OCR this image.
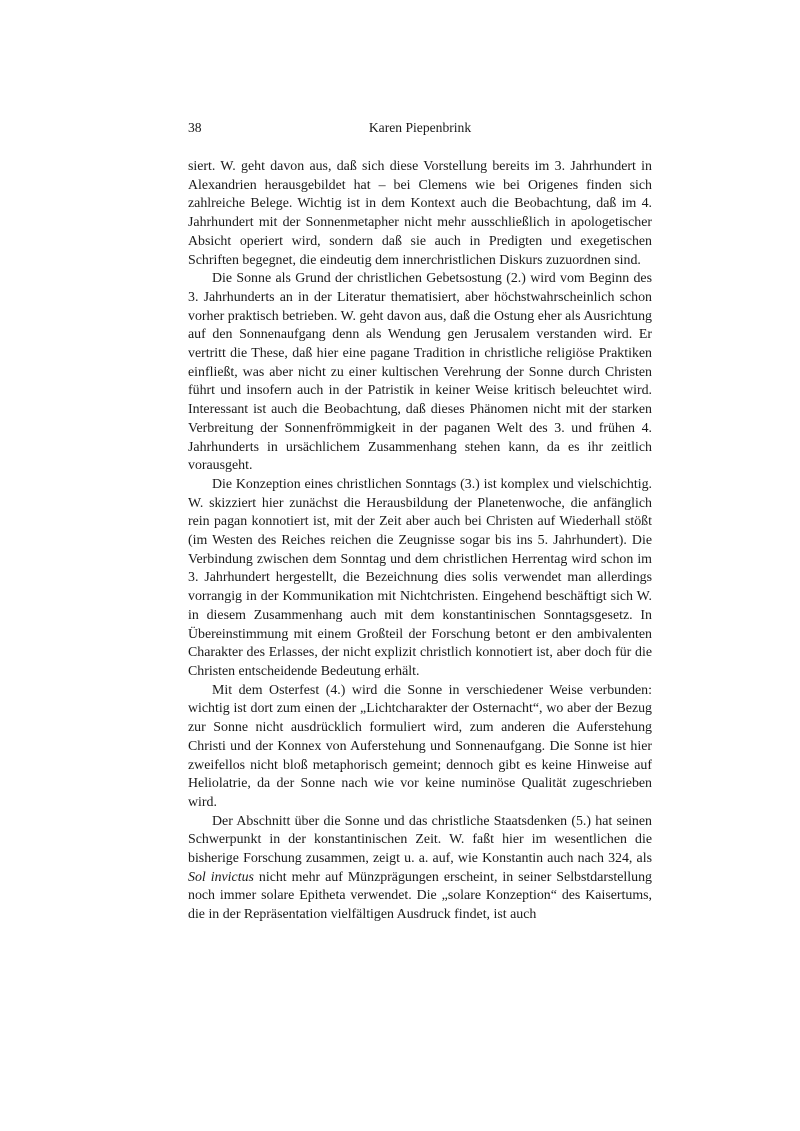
38	Karen Piepenbrink

siert. W. geht davon aus, daß sich diese Vorstellung bereits im 3. Jahrhundert in Alexandrien herausgebildet hat – bei Clemens wie bei Origenes finden sich zahlreiche Belege. Wichtig ist in dem Kontext auch die Beobachtung, daß im 4. Jahrhundert mit der Sonnenmetapher nicht mehr ausschließlich in apologetischer Absicht operiert wird, sondern daß sie auch in Predigten und exegetischen Schriften begegnet, die eindeutig dem innerchristlichen Diskurs zuzuordnen sind.

Die Sonne als Grund der christlichen Gebetsostung (2.) wird vom Beginn des 3. Jahrhunderts an in der Literatur thematisiert, aber höchstwahrscheinlich schon vorher praktisch betrieben. W. geht davon aus, daß die Ostung eher als Ausrichtung auf den Sonnenaufgang denn als Wendung gen Jerusalem verstanden wird. Er vertritt die These, daß hier eine pagane Tradition in christliche religiöse Praktiken einfließt, was aber nicht zu einer kultischen Verehrung der Sonne durch Christen führt und insofern auch in der Patristik in keiner Weise kritisch beleuchtet wird. Interessant ist auch die Beobachtung, daß dieses Phänomen nicht mit der starken Verbreitung der Sonnenfrömmigkeit in der paganen Welt des 3. und frühen 4. Jahrhunderts in ursächlichem Zusammenhang stehen kann, da es ihr zeitlich vorausgeht.

Die Konzeption eines christlichen Sonntags (3.) ist komplex und vielschichtig. W. skizziert hier zunächst die Herausbildung der Planetenwoche, die anfänglich rein pagan konnotiert ist, mit der Zeit aber auch bei Christen auf Wiederhall stößt (im Westen des Reiches reichen die Zeugnisse sogar bis ins 5. Jahrhundert). Die Verbindung zwischen dem Sonntag und dem christlichen Herrentag wird schon im 3. Jahrhundert hergestellt, die Bezeichnung dies solis verwendet man allerdings vorrangig in der Kommunikation mit Nichtchristen. Eingehend beschäftigt sich W. in diesem Zusammenhang auch mit dem konstantinischen Sonntagsgesetz. In Übereinstimmung mit einem Großteil der Forschung betont er den ambivalenten Charakter des Erlasses, der nicht explizit christlich konnotiert ist, aber doch für die Christen entscheidende Bedeutung erhält.

Mit dem Osterfest (4.) wird die Sonne in verschiedener Weise verbunden: wichtig ist dort zum einen der „Lichtcharakter der Osternacht“, wo aber der Bezug zur Sonne nicht ausdrücklich formuliert wird, zum anderen die Auferstehung Christi und der Konnex von Auferstehung und Sonnenaufgang. Die Sonne ist hier zweifellos nicht bloß metaphorisch gemeint; dennoch gibt es keine Hinweise auf Heliolatrie, da der Sonne nach wie vor keine numinöse Qualität zugeschrieben wird.

Der Abschnitt über die Sonne und das christliche Staatsdenken (5.) hat seinen Schwerpunkt in der konstantinischen Zeit. W. faßt hier im wesentlichen die bisherige Forschung zusammen, zeigt u. a. auf, wie Konstantin auch nach 324, als Sol invictus nicht mehr auf Münzprägungen erscheint, in seiner Selbstdarstellung noch immer solare Epitheta verwendet. Die „solare Konzeption“ des Kaisertums, die in der Repräsentation vielfältigen Ausdruck findet, ist auch
